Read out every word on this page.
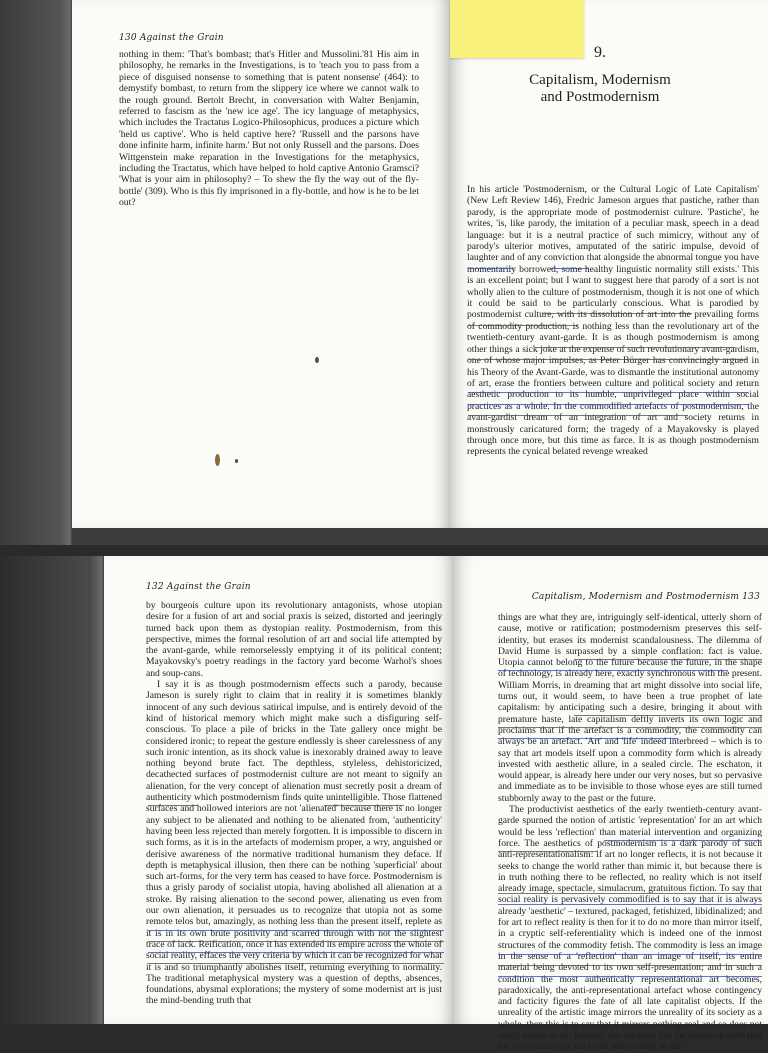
130 Against the Grain

nothing in them: 'That's bombast; that's Hitler and Mussolini.'81 His aim in philosophy, he remarks in the Investigations, is to 'teach you to pass from a piece of disguised nonsense to something that is patent nonsense' (464): to demystify bombast, to return from the slippery ice where we cannot walk to the rough ground. Bertolt Brecht, in conversation with Walter Benjamin, referred to fascism as the 'new ice age'. The icy language of metaphysics, which includes the Tractatus Logico-Philosophicus, produces a picture which 'held us captive'. Who is held captive here? 'Russell and the parsons have done infinite harm, infinite harm.' But not only Russell and the parsons. Does Wittgenstein make reparation in the Investigations for the metaphysics, including the Tractatus, which have helped to hold captive Antonio Gramsci? 'What is your aim in philosophy? – To shew the fly the way out of the fly-bottle' (309). Who is this fly imprisoned in a fly-bottle, and how is he to be let out?

9.
Capitalism, Modernism
and Postmodernism

In his article 'Postmodernism, or the Cultural Logic of Late Capitalism' (New Left Review 146), Fredric Jameson argues that pastiche, rather than parody, is the appropriate mode of postmodernist culture. 'Pastiche', he writes, 'is, like parody, the imitation of a peculiar mask, speech in a dead language: but it is a neutral practice of such mimicry, without any of parody's ulterior motives, amputated of the satiric impulse, devoid of laughter and of any conviction that alongside the abnormal tongue you have momentarily borrowed, some healthy linguistic normality still exists.' This is an excellent point; but I want to suggest here that parody of a sort is not wholly alien to the culture of postmodernism, though it is not one of which it could be said to be particularly conscious. What is parodied by postmodernist culture, with its dissolution of art into the prevailing forms of commodity production, is nothing less than the revolutionary art of the twentieth-century avant-garde. It is as though postmodernism is among other things a sick joke at the expense of such revolutionary avant-gardism, one of whose major impulses, as Peter Bürger has convincingly argued in his Theory of the Avant-Garde, was to dismantle the institutional autonomy of art, erase the frontiers between culture and political society and return aesthetic production to its humble, unprivileged place within social practices as a whole. In the commodified artefacts of postmodernism, the avant-gardist dream of an integration of art and society returns in monstrously caricatured form; the tragedy of a Mayakovsky is played through once more, but this time as farce. It is as though postmodernism represents the cynical belated revenge wreaked

132 Against the Grain

by bourgeois culture upon its revolutionary antagonists, whose utopian desire for a fusion of art and social praxis is seized, distorted and jeeringly turned back upon them as dystopian reality. Postmodernism, from this perspective, mimes the formal resolution of art and social life attempted by the avant-garde, while remorselessly emptying it of its political content; Mayakovsky's poetry readings in the factory yard become Warhol's shoes and soup-cans.

I say it is as though postmodernism effects such a parody, because Jameson is surely right to claim that in reality it is sometimes blankly innocent of any such devious satirical impulse, and is entirely devoid of the kind of historical memory which might make such a disfiguring self-conscious. To place a pile of bricks in the Tate gallery once might be considered ironic; to repeat the gesture endlessly is sheer carelessness of any such ironic intention, as its shock value is inexorably drained away to leave nothing beyond brute fact. The depthless, styleless, dehistoricized, decathected surfaces of postmodernist culture are not meant to signify an alienation, for the very concept of alienation must secretly posit a dream of authenticity which postmodernism finds quite unintelligible. Those flattened surfaces and hollowed interiors are not 'alienated' because there is no longer any subject to be alienated and nothing to be alienated from, 'authenticity' having been less rejected than merely forgotten. It is impossible to discern in such forms, as it is in the artefacts of modernism proper, a wry, anguished or derisive awareness of the normative traditional humanism they deface. If depth is metaphysical illusion, then there can be nothing 'superficial' about such art-forms, for the very term has ceased to have force. Postmodernism is thus a grisly parody of socialist utopia, having abolished all alienation at a stroke. By raising alienation to the second power, alienating us even from our own alienation, it persuades us to recognize that utopia not as some remote telos but, amazingly, as nothing less than the present itself, replete as it is in its own brute positivity and scarred through with not the slightest trace of lack. Reification, once it has extended its empire across the whole of social reality, effaces the very criteria by which it can be recognized for what it is and so triumphantly abolishes itself, returning everything to normality. The traditional metaphysical mystery was a question of depths, absences, foundations, abysmal explorations; the mystery of some modernist art is just the mind-bending truth that

Capitalism, Modernism and Postmodernism 133

things are what they are, intriguingly self-identical, utterly shorn of cause, motive or ratification; postmodernism preserves this self-identity, but erases its modernist scandalousness. The dilemma of David Hume is surpassed by a simple conflation: fact is value. Utopia cannot belong to the future because the future, in the shape of technology, is already here, exactly synchronous with the present. William Morris, in dreaming that art might dissolve into social life, turns out, it would seem, to have been a true prophet of late capitalism: by anticipating such a desire, bringing it about with premature haste, late capitalism deftly inverts its own logic and proclaims that if the artefact is a commodity, the commodity can always be an artefact. 'Art' and 'life' indeed interbreed – which is to say that art models itself upon a commodity form which is already invested with aesthetic allure, in a sealed circle. The eschaton, it would appear, is already here under our very noses, but so pervasive and immediate as to be invisible to those whose eyes are still turned stubbornly away to the past or the future.

The productivist aesthetics of the early twentieth-century avant-garde spurned the notion of artistic 'representation' for an art which would be less 'reflection' than material intervention and organizing force. The aesthetics of postmodernism is a dark parody of such anti-representationalism: if art no longer reflects, it is not because it seeks to change the world rather than mimic it, but because there is in truth nothing there to be reflected, no reality which is not itself already image, spectacle, simulacrum, gratuitous fiction. To say that social reality is pervasively commodified is to say that it is always already 'aesthetic' – textured, packaged, fetishized, libidinalized; and for art to reflect reality is then for it to do no more than mirror itself, in a cryptic self-referentiality which is indeed one of the inmost structures of the commodity fetish. The commodity is less an image in the sense of a 'reflection' than an image of itself, its entire material being devoted to its own self-presentation; and in such a condition the most authentically representational art becomes, paradoxically, the anti-representational artefact whose contingency and facticity figures the fate of all late capitalist objects. If the unreality of the artistic image mirrors the unreality of its society as a whole, then this is to say that it mirrors nothing real and so does not really mirror at all. Beneath this paradox lies the historical truth that the very autonomy and brute self-identity of the
